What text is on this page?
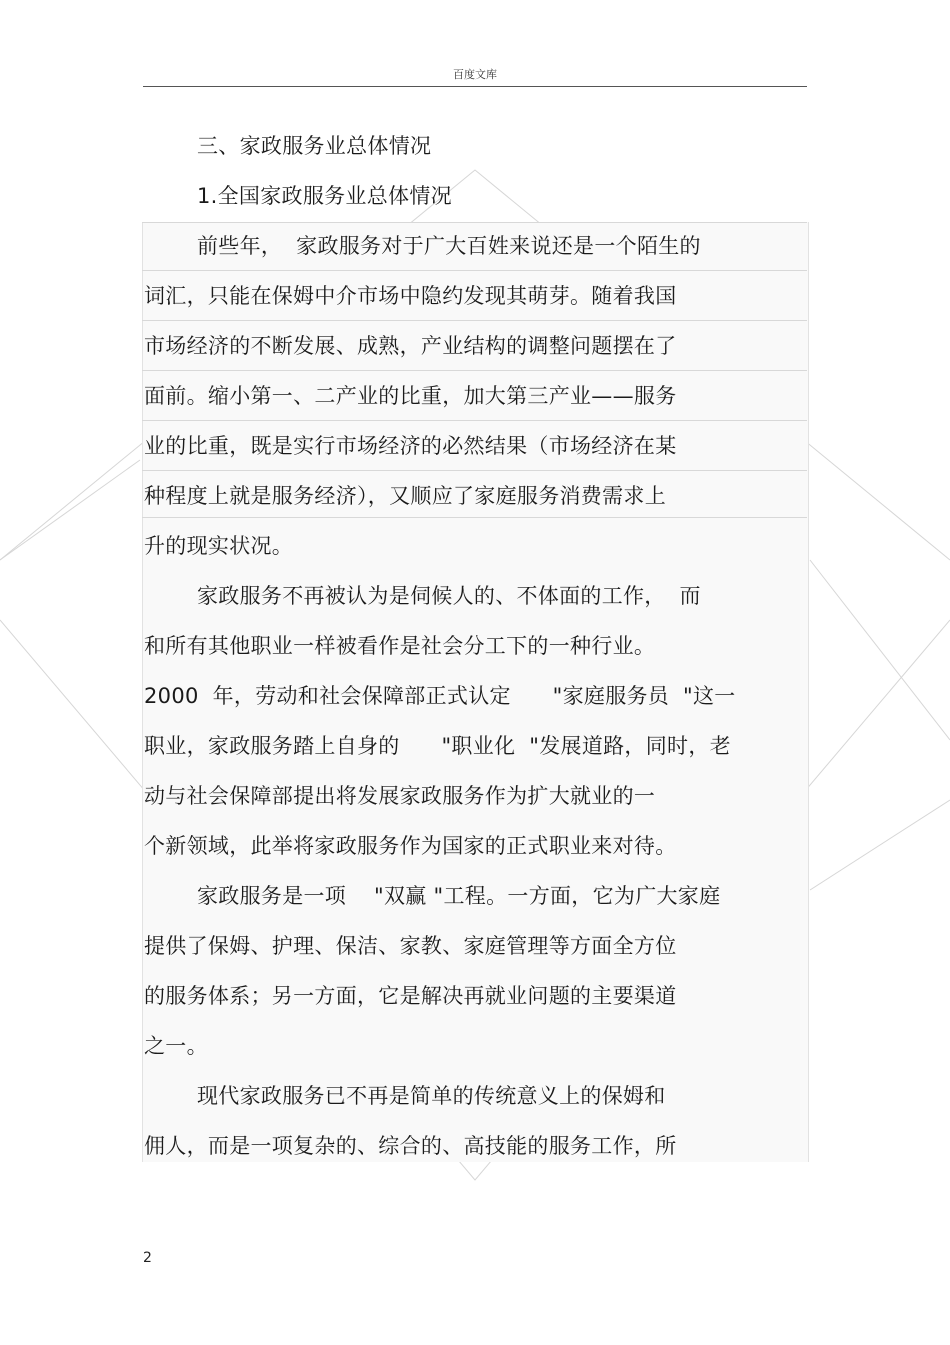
百度文库
三、家政服务业总体情况
1.全国家政服务业总体情况
前些年，  家政服务对于广大百姓来说还是一个陌生的
词汇，只能在保姆中介市场中隐约发现其萌芽。随着我国
市场经济的不断发展、成熟，产业结构的调整问题摆在了
面前。缩小第一、二产业的比重，加大第三产业——服务
业的比重，既是实行市场经济的必然结果（市场经济在某
种程度上就是服务经济），又顺应了家庭服务消费需求上
升的现实状况。
家政服务不再被认为是伺候人的、不体面的工作，  而
和所有其他职业一样被看作是社会分工下的一种行业。
2000  年，劳动和社会保障部正式认定      "家庭服务员  "这一
职业，家政服务踏上自身的      "职业化  "发展道路，同时，老
动与社会保障部提出将发展家政服务作为扩大就业的一
个新领域，此举将家政服务作为国家的正式职业来对待。
家政服务是一项    "双赢 "工程。一方面，它为广大家庭
提供了保姆、护理、保洁、家教、家庭管理等方面全方位
的服务体系；另一方面，它是解决再就业问题的主要渠道
之一。
现代家政服务已不再是简单的传统意义上的保姆和
佣人，而是一项复杂的、综合的、高技能的服务工作，所
2
